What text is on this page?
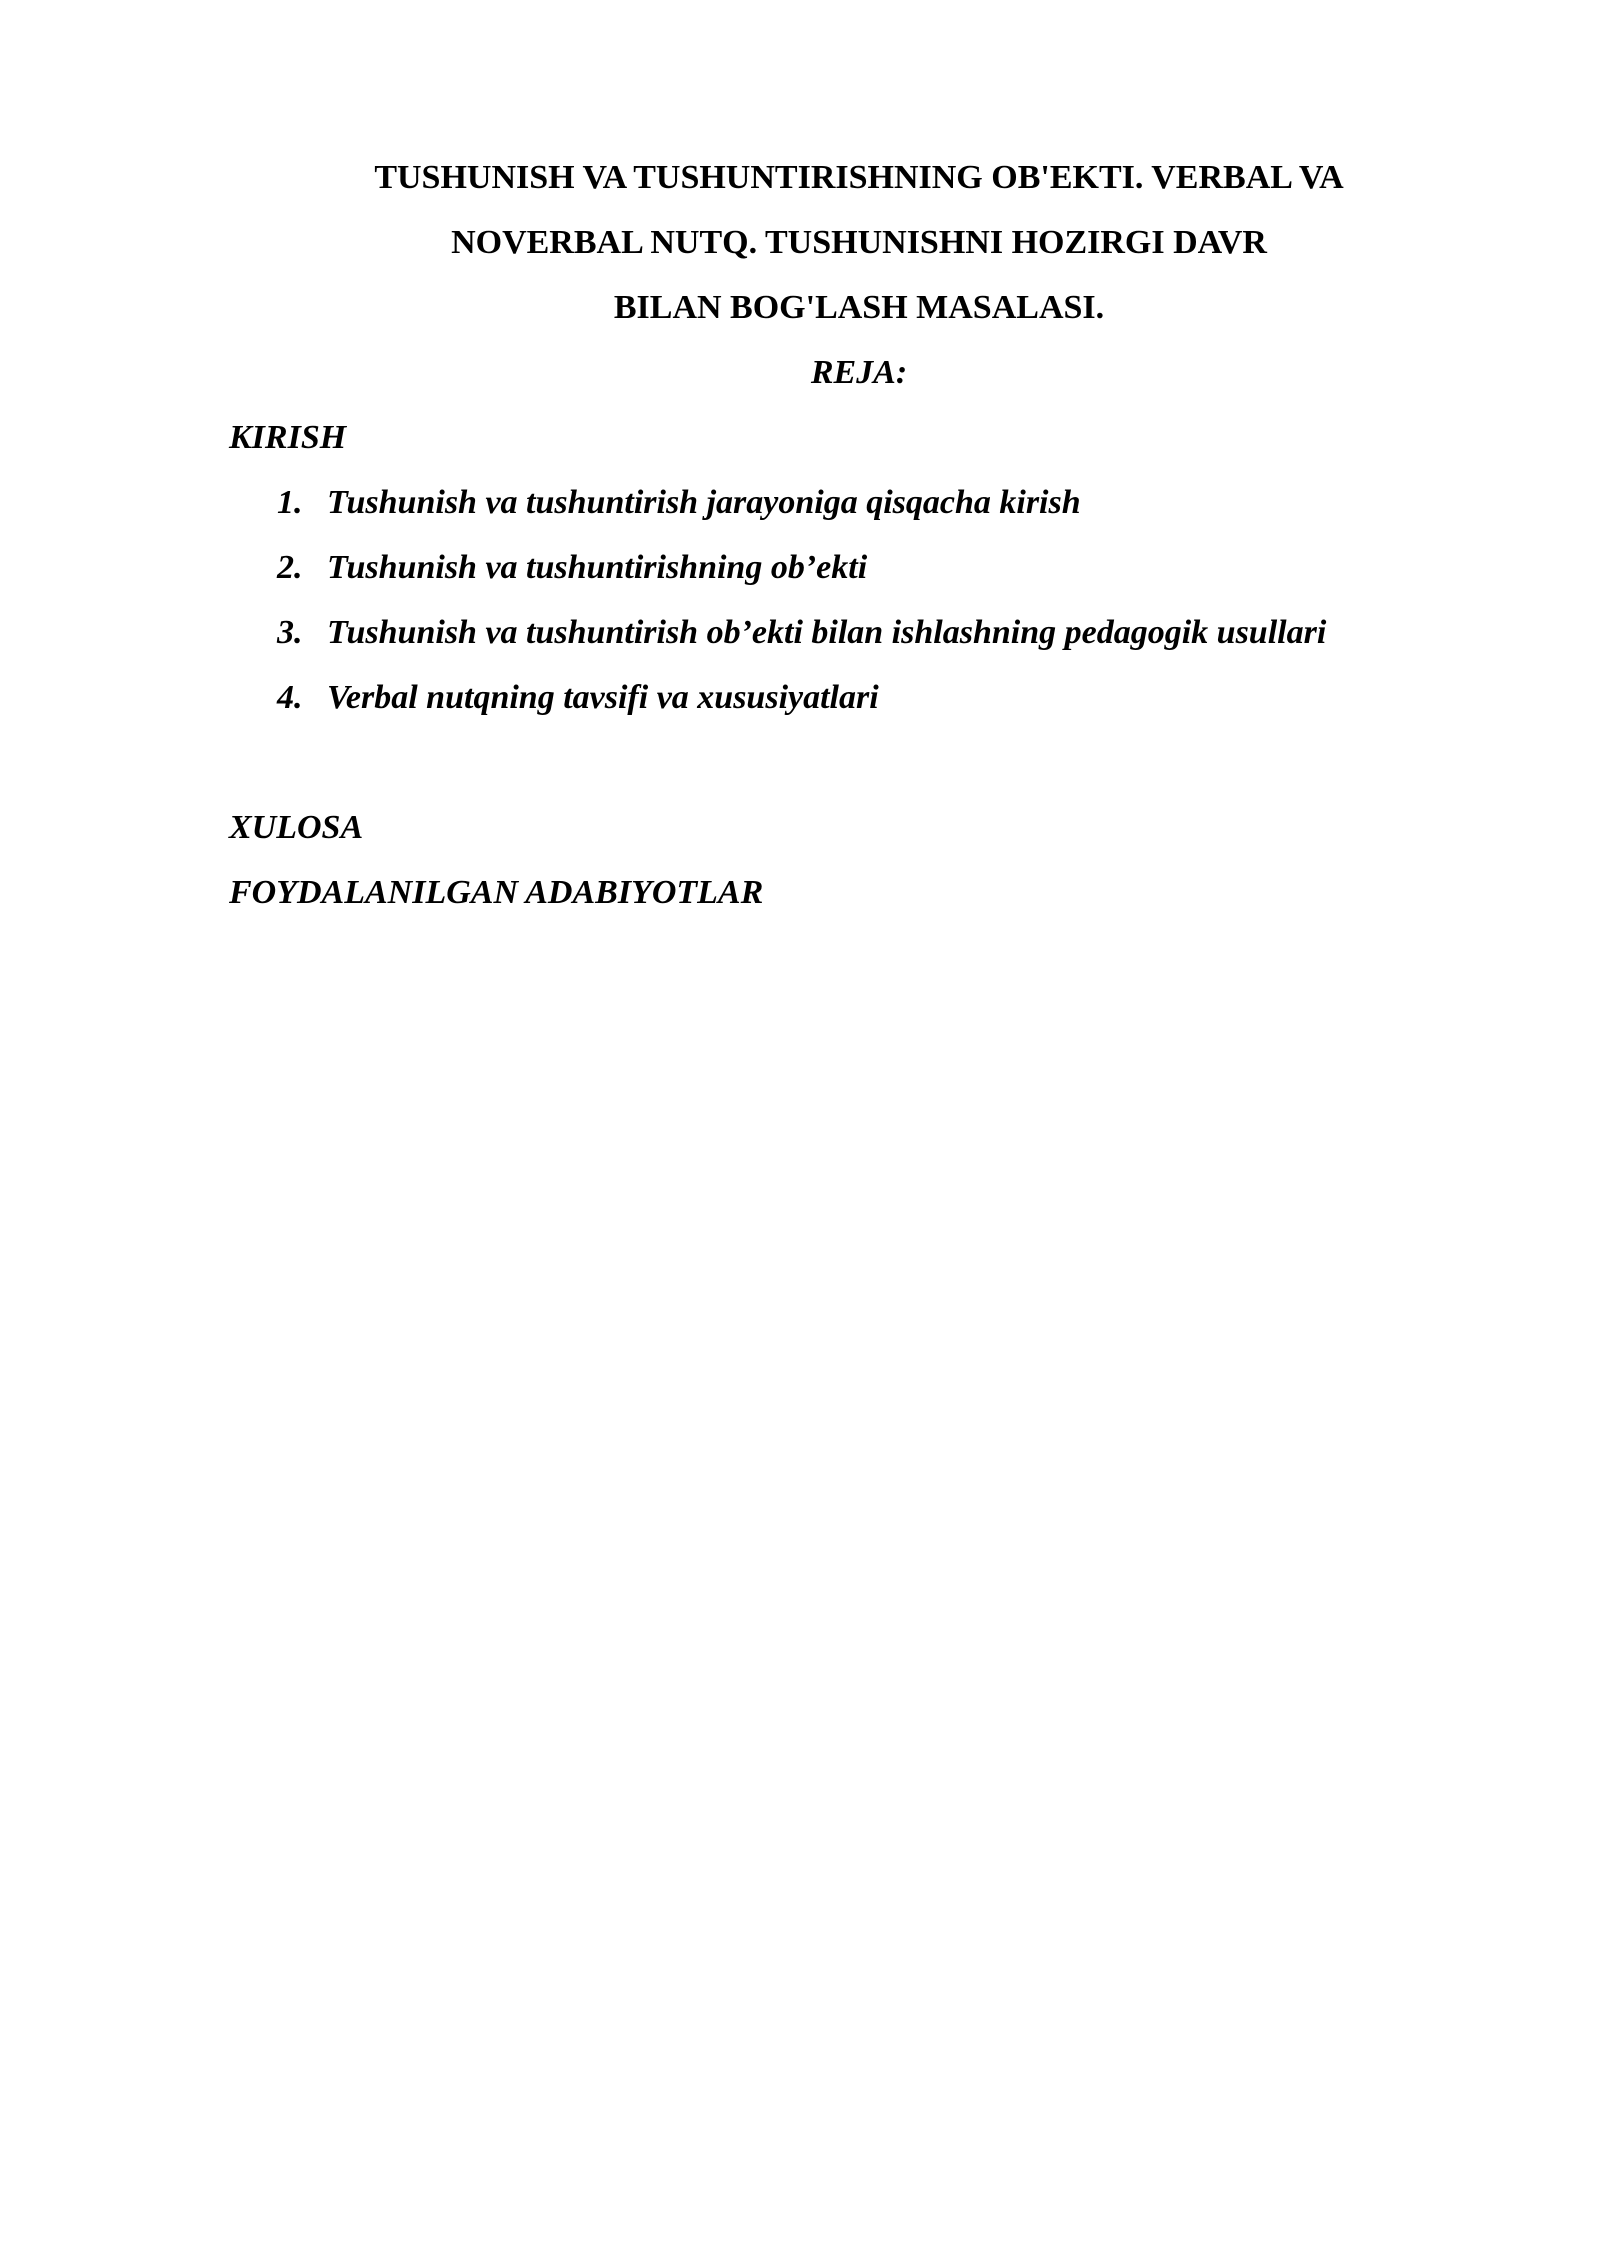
TUSHUNISH VA TUSHUNTIRISHNING OB'EKTI. VERBAL VA
NOVERBAL NUTQ. TUSHUNISHNI HOZIRGI DAVR
BILAN BOG'LASH MASALASI.
REJA:
KIRISH
1. Tushunish va tushuntirish jarayoniga qisqacha kirish
2. Tushunish va tushuntirishning ob’ekti
3. Tushunish va tushuntirish ob’ekti bilan ishlashning pedagogik usullari
4. Verbal nutqning tavsifi va xususiyatlari
XULOSA
FOYDALANILGAN ADABIYOTLAR
